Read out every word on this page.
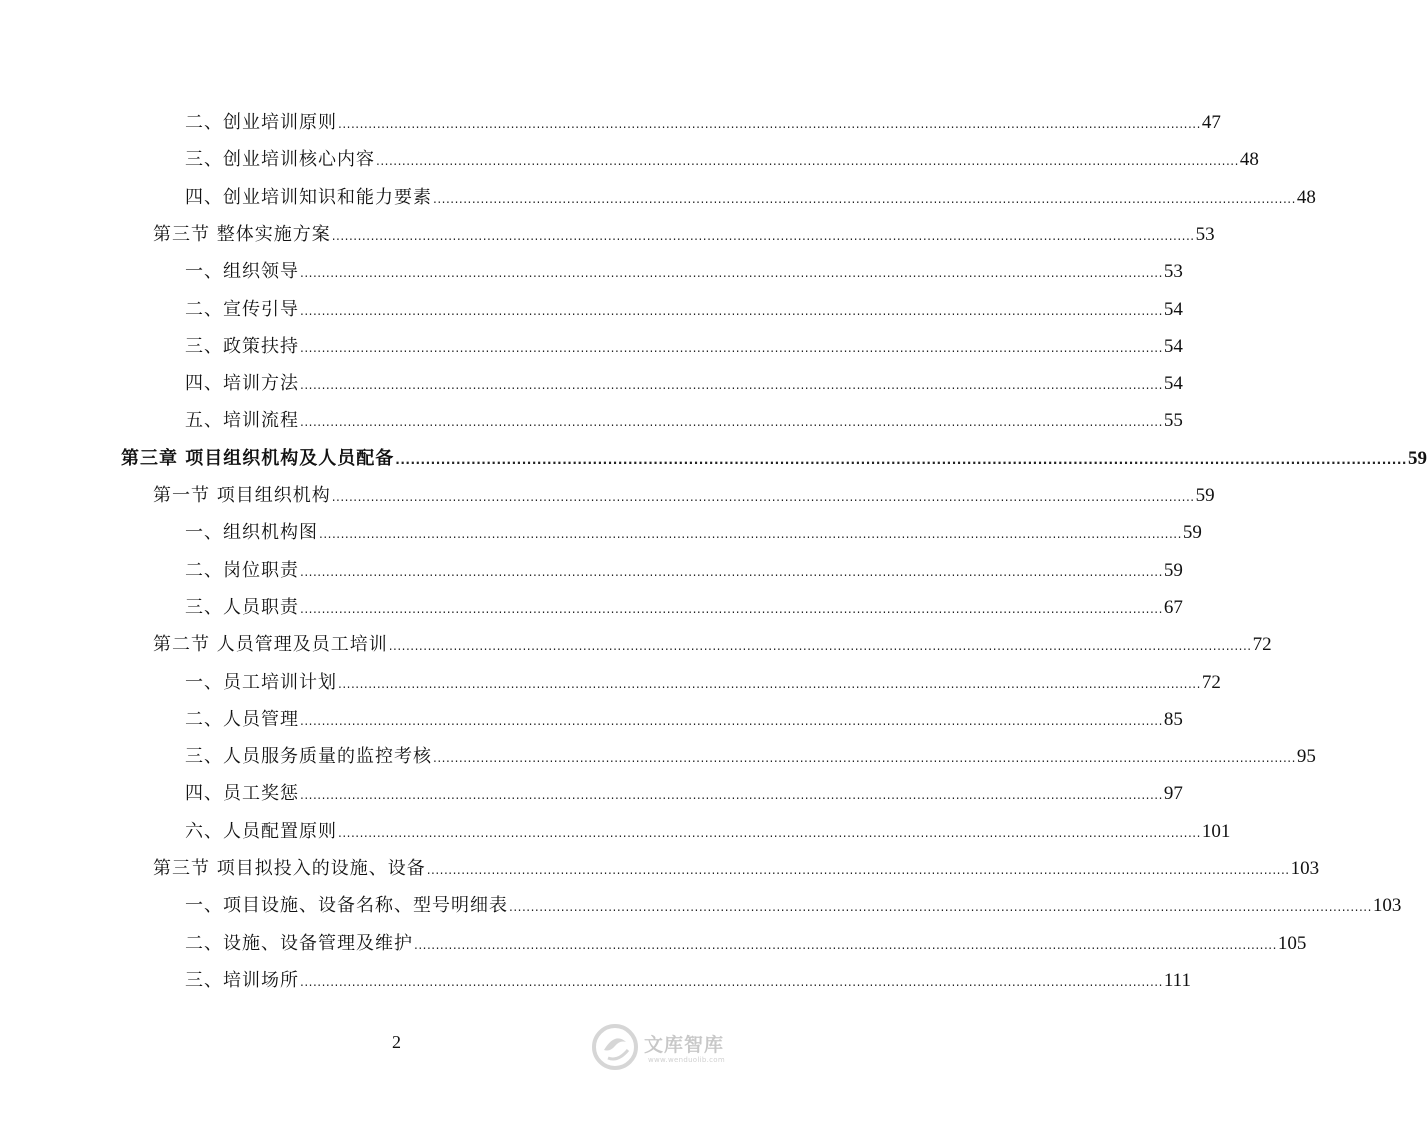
二、创业培训原则 ........................................................................................................................................................................................................ 47
三、创业培训核心内容 ........................................................................................................................................................................................................ 48
四、创业培训知识和能力要素 ........................................................................................................................................................................................................ 48
第三节 整体实施方案 ........................................................................................................................................................................................................ 53
一、组织领导 ........................................................................................................................................................................................................ 53
二、宣传引导 ........................................................................................................................................................................................................ 54
三、政策扶持 ........................................................................................................................................................................................................ 54
四、培训方法 ........................................................................................................................................................................................................ 54
五、培训流程 ........................................................................................................................................................................................................ 55
第三章 项目组织机构及人员配备 ........................................................................................................................................................................................................ 59
第一节 项目组织机构 ........................................................................................................................................................................................................ 59
一、组织机构图 ........................................................................................................................................................................................................ 59
二、岗位职责 ........................................................................................................................................................................................................ 59
三、人员职责 ........................................................................................................................................................................................................ 67
第二节 人员管理及员工培训 ........................................................................................................................................................................................................ 72
一、员工培训计划 ........................................................................................................................................................................................................ 72
二、人员管理 ........................................................................................................................................................................................................ 85
三、人员服务质量的监控考核 ........................................................................................................................................................................................................ 95
四、员工奖惩 ........................................................................................................................................................................................................ 97
六、人员配置原则 ........................................................................................................................................................................................................ 101
第三节 项目拟投入的设施、设备 ........................................................................................................................................................................................................ 103
一、项目设施、设备名称、型号明细表 ........................................................................................................................................................................................................ 103
二、设施、设备管理及维护 ........................................................................................................................................................................................................ 105
三、培训场所 ........................................................................................................................................................................................................ 111
2	文库智库
www.wenduolib.com
